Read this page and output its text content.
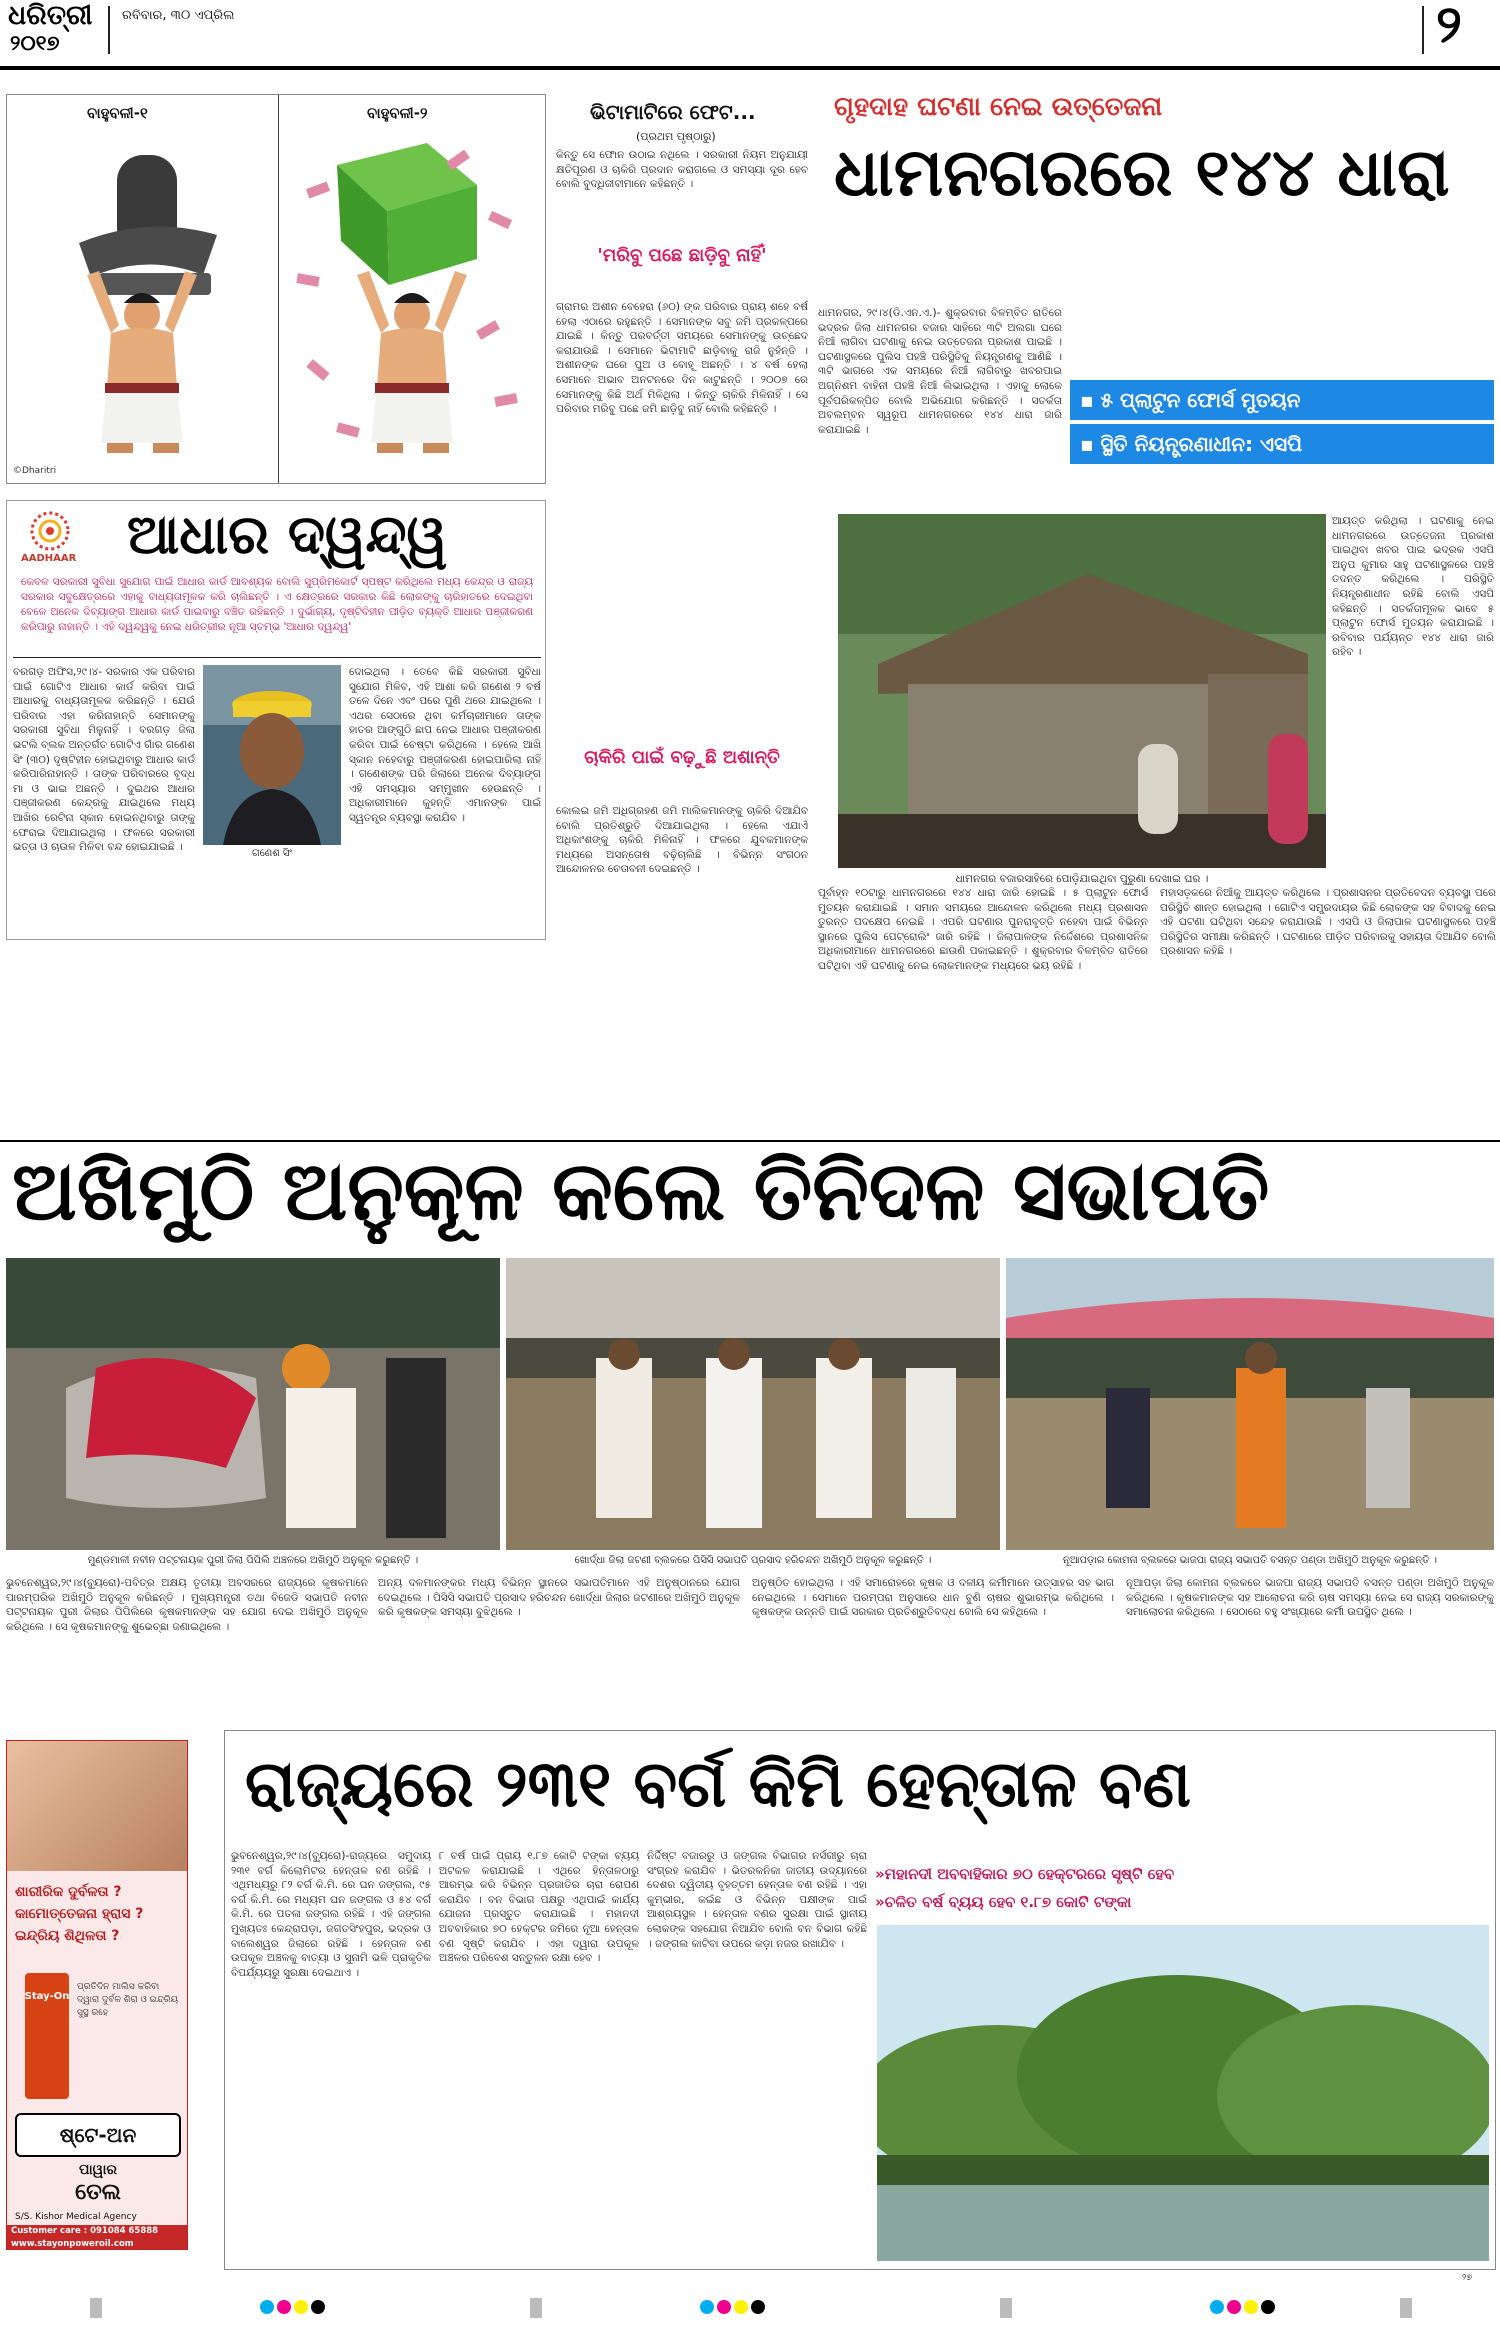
ଧରିତ୍ରୀ
୨୦୧୭
ରବିବାର, ୩୦ ଏପ୍ରିଲ	୨
ବାହୁବଳୀ-୧	ବାହୁବଳୀ-୨
©Dharitri
AADHAAR ଆଧାର ଦ୍ୱନ୍ଦ୍ୱ
କେବଳ ସରକାରୀ ସୁବିଧା ସୁଯୋଗ ପାଇଁ ଆଧାର କାର୍ଡ ଆବଶ୍ୟକ ବୋଲି ସୁପ୍ରିମକୋର୍ଟ ସ୍ପଷ୍ଟ କରିଥିଲେ ମଧ୍ୟ କେନ୍ଦ୍ର ଓ ରାଜ୍ୟ ସରକାର ସବୁକ୍ଷେତ୍ରରେ ଏହାକୁ ବାଧ୍ୟତାମୂଳକ କରି ଚାଲିଛନ୍ତି । ଏ କ୍ଷେତ୍ରରେ ସରକାର କିଛି ଲୋକଙ୍କୁ ଚାରିହାତରେ ଦେଇଥିବା ବେଳେ ଅନେକ ଦିବ୍ୟାଙ୍ଗ ଆଧାର କାର୍ଡ ପାଇବାରୁ ବଞ୍ଚିତ ରହିଛନ୍ତି । ଦୁର୍ଭାଗ୍ୟ, ଦୃଷ୍ଟିବିହୀନ ପୀଡ଼ିତ ବ୍ୟକ୍ତି ଆଧାର ପଞ୍ଜୀକରଣ କରିପାରୁ ନାହାନ୍ତି । ଏହି ଦ୍ୱନ୍ଦ୍ୱକୁ ନେଇ ଧରିତ୍ରୀର ନୂଆ ସ୍ତମ୍ଭ 'ଆଧାର ଦ୍ୱନ୍ଦ୍ୱ'
ବରଗଡ଼ ଅଫିସ,୨୯।୪- ସରକାର ଏକ ପରିବାର ପାଇଁ ଗୋଟିଏ ଆଧାର କାର୍ଡ କରିବା ପାଇଁ ଆଧାରକୁ ବାଧ୍ୟତାମୂଳକ କରିଛନ୍ତି । ଯେଉଁ ପରିବାର ଏହା କରିନାହାନ୍ତି ସେମାନଙ୍କୁ ସରକାରୀ ସୁବିଧା ମିଳୁନାହିଁ । ବରଗଡ଼ ଜିଲା ଭଟଲି ବ୍ଲକ ଅନ୍ତର୍ଗତ ଗୋଟିଏ ଗାଁର ଗଣେଶ ସିଂ (୩୦) ଦୃଷ୍ଟିହୀନ ହୋଇଥିବାରୁ ଆଧାର କାର୍ଡ କରିପାରିନାହାନ୍ତି । ତାଙ୍କ ପରିବାରରେ ବୃଦ୍ଧ ମା ଓ ଭାଇ ଅଛନ୍ତି । ଦୁଇଥର ଆଧାର ପଞ୍ଜୀକରଣ କେନ୍ଦ୍ରକୁ ଯାଇଥିଲେ ମଧ୍ୟ ଆଖିର ରେଟିନା ସ୍କାନ ହୋଇନଥିବାରୁ ତାଙ୍କୁ ଫେରାଇ ଦିଆଯାଇଥିଲା । ଫଳରେ ସରକାରୀ ଭତ୍ତା ଓ ଚାଉଳ ମିଳିବା ବନ୍ଦ ହୋଇଯାଇଛି ।
ଗଣେଶ ସିଂ
ଦୋଇଥିଲା । ତେବେ କିଛି ସରକାରୀ ସୁବିଧା ସୁଯୋଗ ମିଳିବ, ଏହି ଆଶା କରି ଗଣେଶ ୨ ବର୍ଷ ତଳେ ଦିନେ ଏବଂ ପରେ ପୁଣି ଥରେ ଯାଇଥିଲେ । ଏଥର ସେଠାରେ ଥିବା କର୍ମଚାରୀମାନେ ତାଙ୍କ ହାତର ଆଙ୍ଗୁଠି ଛାପ ନେଇ ଆଧାର ପଞ୍ଜୀକରଣ କରିବା ପାଇଁ ଚେଷ୍ଟା କରିଥିଲେ । ହେଲେ ଆଖି ସ୍କାନ ନହେବାରୁ ପଞ୍ଜୀକରଣ ହୋଇପାରିଲା ନାହିଁ । ଗଣେଶଙ୍କ ପରି ଜିଲାରେ ଅନେକ ଦିବ୍ୟାଙ୍ଗ ଏହି ସମସ୍ୟାର ସମ୍ମୁଖୀନ ହେଉଛନ୍ତି । ଅଧିକାରୀମାନେ କୁହନ୍ତି ଏମାନଙ୍କ ପାଇଁ ସ୍ୱତନ୍ତ୍ର ବ୍ୟବସ୍ଥା କରାଯିବ ।
ଭିଟାମାଟିରେ ଫେଟ...
(ପ୍ରଥମ ପୃଷ୍ଠାରୁ)
କିନ୍ତୁ ସେ ଫୋନ ଉଠାଇ ନଥିଲେ । ସରକାରୀ ନିୟମ ଅନୁଯାୟୀ କ୍ଷତିପୂରଣ ଓ ଚାକିରି ପ୍ରଦାନ କରାଗଲେ ଓ ସମସ୍ୟା ଦୂର ହେବ ବୋଲି ବୁଦ୍ଧିଜୀବୀମାନେ କହିଛନ୍ତି ।
'ମରିବୁ ପଛେ ଛାଡ଼ିବୁ ନାହିଁ'
ଗ୍ରାମର ଅଶୀନ ବେହେରା (୬୦) ଙ୍କ ପରିବାର ପ୍ରାୟ ଶହେ ବର୍ଷ ହେଲା ଏଠାରେ ରହୁଛନ୍ତି । ସେମାନଙ୍କ ସବୁ ଜମି ପ୍ରକଳ୍ପରେ ଯାଇଛି । କିନ୍ତୁ ପରବର୍ତ୍ତୀ ସମୟରେ ସେମାନଙ୍କୁ ଉଚ୍ଛେଦ କରାଯାଉଛି । ସେମାନେ ଭିଟାମାଟି ଛାଡ଼ିବାକୁ ରାଜି ନୁହଁନ୍ତି । ଅଶୀନଙ୍କ ଘରେ ପୁଅ ଓ ବୋହୂ ଅଛନ୍ତି । ୪ ବର୍ଷ ହେଲା ସେମାନେ ଅଭାବ ଅନଟନରେ ଦିନ କାଟୁଛନ୍ତି । ୨୦୦୭ ରେ ସେମାନଙ୍କୁ କିଛି ଅର୍ଥ ମିଳିଥିଲା । କିନ୍ତୁ ଚାକିରି ମିଳିନାହିଁ । ସେ ପରିବାର ମରିବୁ ପଛେ ଜମି ଛାଡ଼ିବୁ ନାହିଁ ବୋଲି କହିଛନ୍ତି ।
ଚାକିରି ପାଇଁ ବଢ଼ୁଛି ଅଶାନ୍ତି
କୋଲଇ ଜମି ଅଧିଗ୍ରହଣ ଜମି ମାଲିକମାନଙ୍କୁ ଚାକିରି ଦିଆଯିବ ବୋଲି ପ୍ରତିଶ୍ରୁତି ଦିଆଯାଇଥିଲା । ହେଲେ ଏଯାଏଁ ଅଧିକାଂଶଙ୍କୁ ଚାକିରି ମିଳିନାହିଁ । ଫଳରେ ଯୁବକମାନଙ୍କ ମଧ୍ୟରେ ଅସନ୍ତୋଷ ବଢ଼ିଚାଲିଛି । ବିଭିନ୍ନ ସଂଗଠନ ଆନ୍ଦୋଳନର ଚେତାବନୀ ଦେଇଛନ୍ତି ।
ଗୃହଦାହ ଘଟଣା ନେଇ ଉତ୍ତେଜନା
ଧାମନଗରରେ ୧୪୪ ଧାରା
ଧାମନଗର, ୨୯।୪(ଡି.ଏନ.ଏ.)- ଶୁକ୍ରବାର ବିଳମ୍ବିତ ରାତିରେ ଭଦ୍ରକ ଜିଲା ଧାମନଗର ବଜାର ସାହିରେ ୩ଟି ଅଲଗା ଘରେ ନିଆଁ ଲାଗିବା ଘଟଣାକୁ ନେଇ ଉତ୍ତେଜନା ପ୍ରକାଶ ପାଇଛି । ଘଟଣାସ୍ଥଳରେ ପୁଲିସ ପହଞ୍ଚି ପରିସ୍ଥିତିକୁ ନିୟନ୍ତ୍ରଣକୁ ଆଣିଛି । ୩ଟି ଭାଗରେ ଏକ ସମୟରେ ନିଆଁ ଲାଗିବାରୁ ଖବରପାଇ ଅଗ୍ନିଶମ ବାହିନୀ ପହଞ୍ଚି ନିଆଁ ଲିଭାଇଥିଲା । ଏହାକୁ ଲୋକେ ପୂର୍ବପରିକଳ୍ପିତ ବୋଲି ଅଭିଯୋଗ କରିଛନ୍ତି । ସତର୍କତା ଅବଲମ୍ବନ ସ୍ୱରୂପ ଧାମନଗରରେ ୧୪୪ ଧାରା ଜାରି କରାଯାଇଛି ।
▪ ୫ ପ୍ଲାଟୁନ ଫୋର୍ସ ମୁତୟନ
▪ ସ୍ଥିତି ନିୟନ୍ତ୍ରଣାଧୀନ: ଏସପି
ଧାମନଗର ବଜାରସାହିରେ ପୋଡ଼ିଯାଇଥିବା ପୁରୁଣା ଦେଖାଇ ଘର ।
ଆୟତ୍ତ କରିଥିଲା । ଘଟଣାକୁ ନେଇ ଧାମନଗରରେ ଉତ୍ତେଜନା ପ୍ରକାଶ ପାଇଥିବା ଖବର ପାଇ ଭଦ୍ରକ ଏସପି ଅନୁପ କୁମାର ସାହୁ ଘଟଣାସ୍ଥଳରେ ପହଞ୍ଚି ତଦନ୍ତ କରିଥିଲେ । ପରିସ୍ଥିତି ନିୟନ୍ତ୍ରଣାଧୀନ ରହିଛି ବୋଲି ଏସପି କହିଛନ୍ତି । ସତର୍କତାମୂଳକ ଭାବେ ୫ ପ୍ଲାଟୁନ ଫୋର୍ସ ମୁତୟନ କରାଯାଇଛି । ରବିବାର ପର୍ଯ୍ୟନ୍ତ ୧୪୪ ଧାରା ଜାରି ରହିବ ।
ପୂର୍ବାହ୍ନ ୧୦ଟାରୁ ଧାମନଗରରେ ୧୪୪ ଧାରା ଜାରି ହୋଇଛି । ୫ ପ୍ଲାଟୁନ ଫୋର୍ସ ମୁତୟନ କରାଯାଇଛି । ସମାନ ସମୟରେ ଆନ୍ଦୋଳନ କରିଥିଲେ ମଧ୍ୟ ପ୍ରଶାସନ ତୁରନ୍ତ ପଦକ୍ଷେପ ନେଇଛି । ଏପରି ଘଟଣାର ପୁନରାବୃତ୍ତି ନହେବା ପାଇଁ ବିଭିନ୍ନ ସ୍ଥାନରେ ପୁଲିସ ପେଟ୍ରୋଲିଂ ଜାରି ରହିଛି । ଜିଲାପାଳଙ୍କ ନିର୍ଦ୍ଦେଶରେ ପ୍ରଶାସନିକ ଅଧିକାରୀମାନେ ଧାମନଗରରେ ଛାଉଣି ପକାଇଛନ୍ତି । ଶୁକ୍ରବାର ବିଳମ୍ବିତ ରାତିରେ ଘଟିଥିବା ଏହି ଘଟଣାକୁ ନେଇ ଲୋକମାନଙ୍କ ମଧ୍ୟରେ ଭୟ ରହିଛି ।
ମହାସଡ଼କରେ ନିଆଁକୁ ଆୟତ୍ତ କରିଥିଲେ । ପ୍ରଶାସନର ପ୍ରତିବେଦନ ବ୍ୟବସ୍ଥା ପରେ ପରିସ୍ଥିତି ଶାନ୍ତ ହୋଇଥିଲା । ଗୋଟିଏ ସମ୍ପ୍ରଦାୟର କିଛି ଲୋକଙ୍କ ସହ ବିବାଦକୁ ନେଇ ଏହି ଘଟଣା ଘଟିଥିବା ସନ୍ଦେହ କରାଯାଉଛି । ଏସପି ଓ ଜିଲାପାଳ ଘଟଣାସ୍ଥଳରେ ପହଞ୍ଚି ପରିସ୍ଥିତିର ସମୀକ୍ଷା କରିଛନ୍ତି । ଘଟଣାରେ ପୀଡ଼ିତ ପରିବାରକୁ ସହାୟତା ଦିଆଯିବ ବୋଲି ପ୍ରଶାସନ କହିଛି ।
ଅଖିମୁଠି ଅନୁକୂଳ କଲେ ତିନିଦଳ ସଭାପତି
ମୁଣ୍ଡମାଳୀ ନବୀନ ପଟ୍ଟନାୟକ ପୁରୀ ଜିଲା ପିପିଲି ଅଞ୍ଚଳରେ ଅଖିମୁଠି ଅନୁକୂଳ କରୁଛନ୍ତି ।	ଖୋର୍ଦ୍ଧା ଜିଲା ଜଟଣୀ ବ୍ଲକରେ ପିସିସି ସଭାପତି ପ୍ରସାଦ ହରିଚନ୍ଦନ ଅଖିମୁଠି ଅନୁକୂଳ କରୁଛନ୍ତି ।	ନୂଆପଡ଼ାର କୋମନା ବ୍ଲକରେ ଭାଜପା ରାଜ୍ୟ ସଭାପତି ବସନ୍ତ ପଣ୍ଡା ଅଖିମୁଠି ଅନୁକୂଳ କରୁଛନ୍ତି ।
ଭୁବନେଶ୍ୱର,୨୯।୪(ବ୍ୟୁରୋ)-ପବିତ୍ର ଅକ୍ଷୟ ତୃତୀୟା ଅବସରରେ ରାଜ୍ୟରେ କୃଷକମାନେ ପାରମ୍ପରିକ ଅଖିମୁଠି ଅନୁକୂଳ କରିଛନ୍ତି । ମୁଖ୍ୟମନ୍ତ୍ରୀ ତଥା ବିଜେଡି ସଭାପତି ନବୀନ ପଟ୍ଟନାୟକ ପୁରୀ ଜିଲାର ପିପିଲିରେ କୃଷକମାନଙ୍କ ସହ ଯୋଗ ଦେଇ ଅଖିମୁଠି ଅନୁକୂଳ କରିଥିଲେ । ସେ କୃଷକମାନଙ୍କୁ ଶୁଭେଚ୍ଛା ଜଣାଇଥିଲେ ।
ଅନ୍ୟ ଦଳମାନଙ୍କର ମଧ୍ୟ ବିଭିନ୍ନ ସ୍ଥାନରେ ସଭାପତିମାନେ ଏହି ଅନୁଷ୍ଠାନରେ ଯୋଗ ଦେଇଥିଲେ । ପିସିସି ସଭାପତି ପ୍ରସାଦ ହରିଚନ୍ଦନ ଖୋର୍ଦ୍ଧା ଜିଲାର ଜଟଣୀରେ ଅଖିମୁଠି ଅନୁକୂଳ କରି କୃଷକଙ୍କ ସମସ୍ୟା ବୁଝିଥିଲେ ।
ଅନୁଷ୍ଠିତ ହୋଇଥିଲା । ଏହି ସମାରୋହରେ କୃଷକ ଓ ଦଳୀୟ କର୍ମୀମାନେ ଉତ୍ସାହର ସହ ଭାଗ ନେଇଥିଲେ । ସେମାନେ ପରମ୍ପରା ଅନୁସାରେ ଧାନ ବୁଣି ଚାଷର ଶୁଭାରମ୍ଭ କରିଥିଲେ । କୃଷକଙ୍କ ଉନ୍ନତି ପାଇଁ ସରକାର ପ୍ରତିଶ୍ରୁତିବଦ୍ଧ ବୋଲି ସେ କହିଥିଲେ ।
ନୂଆପଡ଼ା ଜିଲା କୋମନା ବ୍ଲକରେ ଭାଜପା ରାଜ୍ୟ ସଭାପତି ବସନ୍ତ ପଣ୍ଡା ଅଖିମୁଠି ଅନୁକୂଳ କରିଥିଲେ । କୃଷକମାନଙ୍କ ସହ ଆଲୋଚନା କରି ଚାଷ ସମସ୍ୟା ନେଇ ସେ ରାଜ୍ୟ ସରକାରଙ୍କୁ ସମାଲୋଚନା କରିଥିଲେ । ସେଠାରେ ବହୁ ସଂଖ୍ୟାରେ କର୍ମୀ ଉପସ୍ଥିତ ଥିଲେ ।
ଶାରୀରିକ ଦୁର୍ବଳତା ? କାମୋତ୍ତେଜନା ହ୍ରାସ ? ଇନ୍ଦ୍ରିୟ ଶିଥିଳତା ?
Stay-On
ପ୍ରତିଦିନ ମାଲିସ କରିବା ଦ୍ୱାରା ଦୁର୍ବଳ ଶିରା ଓ ଇନ୍ଦ୍ରିୟ ସୁସ୍ଥ ରହେ
ଷ୍ଟେ-ଅନ
ପାୱାର
ତେଲ
S/S. Kishor Medical Agency
Customer care : 091084 65888 www.stayonpoweroil.com
ରାଜ୍ୟରେ ୨୩୧ ବର୍ଗ କିମି ହେନ୍ତାଳ ବଣ
ଭୁବନେଶ୍ୱର,୨୯।୪(ବ୍ୟୁରୋ)-ରାଜ୍ୟରେ ସମୁଦାୟ ୨୩୧ ବର୍ଗ କିଲୋମିଟର ହେନ୍ତାଳ ବଣ ରହିଛି । ଏଥିମଧ୍ୟରୁ ୮୨ ବର୍ଗ କି.ମି. ରେ ଘନ ଜଙ୍ଗଲ, ୯୫ ବର୍ଗ କି.ମି. ରେ ମଧ୍ୟମ ଘନ ଜଙ୍ଗଲ ଓ ୫୪ ବର୍ଗ କି.ମି. ରେ ପତଳା ଜଙ୍ଗଲ ରହିଛି । ଏହି ଜଙ୍ଗଲ ମୁଖ୍ୟତଃ କେନ୍ଦ୍ରାପଡ଼ା, ଜଗତସିଂହପୁର, ଭଦ୍ରକ ଓ ବାଲେଶ୍ୱର ଜିଲାରେ ରହିଛି । ହେନ୍ତାଳ ବଣ ଉପକୂଳ ଅଞ୍ଚଳକୁ ବାତ୍ୟା ଓ ସୁନାମି ଭଳି ପ୍ରାକୃତିକ ବିପର୍ଯ୍ୟୟରୁ ସୁରକ୍ଷା ଦେଇଥାଏ ।
୮ ବର୍ଷ ପାଇଁ ପ୍ରାୟ ୧.୮୭ କୋଟି ଟଙ୍କା ବ୍ୟୟ ଅଟକଳ କରାଯାଇଛି । ଏଥିରେ ହିନ୍ତାଳଠାରୁ ଆରମ୍ଭ କରି ବିଭିନ୍ନ ପ୍ରଜାତିର ଚାରା ରୋପଣ କରାଯିବ । ବନ ବିଭାଗ ପକ୍ଷରୁ ଏଥିପାଇଁ କାର୍ଯ୍ୟ ଯୋଜନା ପ୍ରସ୍ତୁତ କରାଯାଇଛି । ମହାନଦୀ ଅବବାହିକାର ୭୦ ହେକ୍ଟର ଜମିରେ ନୂଆ ହେନ୍ତାଳ ବଣ ସୃଷ୍ଟି କରାଯିବ । ଏହା ଦ୍ୱାରା ଉପକୂଳ ଅଞ୍ଚଳର ପରିବେଶ ସନ୍ତୁଳନ ରକ୍ଷା ହେବ ।
ନିର୍ଦ୍ଦିଷ୍ଟ ବଜାରରୁ ଓ ଜଙ୍ଗଲ ବିଭାଗର ନର୍ସରୀରୁ ଚାରା ସଂଗ୍ରହ କରାଯିବ । ଭିତରକନିକା ଜାତୀୟ ଉଦ୍ୟାନରେ ଦେଶର ଦ୍ୱିତୀୟ ବୃହତ୍ତମ ହେନ୍ତାଳ ବଣ ରହିଛି । ଏହା କୁମ୍ଭୀର, କଇଁଛ ଓ ବିଭିନ୍ନ ପକ୍ଷୀଙ୍କ ପାଇଁ ଆଶ୍ରୟସ୍ଥଳ । ହେନ୍ତାଳ ବଣର ସୁରକ୍ଷା ପାଇଁ ସ୍ଥାନୀୟ ଲୋକଙ୍କ ସହଯୋଗ ନିଆଯିବ ବୋଲି ବନ ବିଭାଗ କହିଛି । ଜଙ୍ଗଲ କାଟିବା ଉପରେ କଡ଼ା ନଜର ରଖାଯିବ ।
»ମହାନଦୀ ଅବବାହିକାର ୭୦ ହେକ୍ଟରରେ ସୃଷ୍ଟି ହେବ
»ଚଳିତ ବର୍ଷ ବ୍ୟୟ ହେବ ୧.୮୭ କୋଟି ଟଙ୍କା
୨୭
